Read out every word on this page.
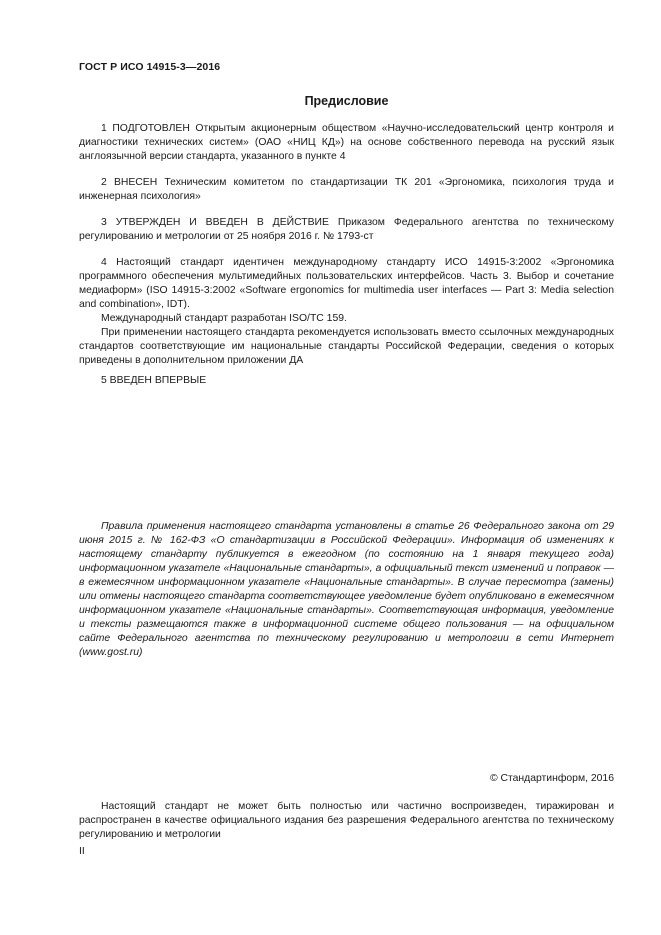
ГОСТ Р ИСО 14915-3—2016
Предисловие

1 ПОДГОТОВЛЕН Открытым акционерным обществом «Научно-исследовательский центр контроля и диагностики технических систем» (ОАО «НИЦ КД») на основе собственного перевода на русский язык англоязычной версии стандарта, указанного в пункте 4

2 ВНЕСЕН Техническим комитетом по стандартизации ТК 201 «Эргономика, психология труда и инженерная психология»

3 УТВЕРЖДЕН И ВВЕДЕН В ДЕЙСТВИЕ Приказом Федерального агентства по техническому регулированию и метрологии от 25 ноября 2016 г. № 1793-ст

4 Настоящий стандарт идентичен международному стандарту ИСО 14915-3:2002 «Эргономика программного обеспечения мультимедийных пользовательских интерфейсов. Часть 3. Выбор и сочетание медиаформ» (ISO 14915-3:2002 «Software ergonomics for multimedia user interfaces — Part 3: Media selection and combination», IDT).

Международный стандарт разработан ISO/TC 159.

При применении настоящего стандарта рекомендуется использовать вместо ссылочных международных стандартов соответствующие им национальные стандарты Российской Федерации, сведения о которых приведены в дополнительном приложении ДА

5 ВВЕДЕН ВПЕРВЫЕ

Правила применения настоящего стандарта установлены в статье 26 Федерального закона от 29 июня 2015 г. № 162-ФЗ «О стандартизации в Российской Федерации». Информация об изменениях к настоящему стандарту публикуется в ежегодном (по состоянию на 1 января текущего года) информационном указателе «Национальные стандарты», а официальный текст изменений и поправок — в ежемесячном информационном указателе «Национальные стандарты». В случае пересмотра (замены) или отмены настоящего стандарта соответствующее уведомление будет опубликовано в ежемесячном информационном указателе «Национальные стандарты». Соответствующая информация, уведомление и тексты размещаются также в информационной системе общего пользования — на официальном сайте Федерального агентства по техническому регулированию и метрологии в сети Интернет (www.gost.ru)

© Стандартинформ, 2016

Настоящий стандарт не может быть полностью или частично воспроизведен, тиражирован и распространен в качестве официального издания без разрешения Федерального агентства по техническому регулированию и метрологии

II
